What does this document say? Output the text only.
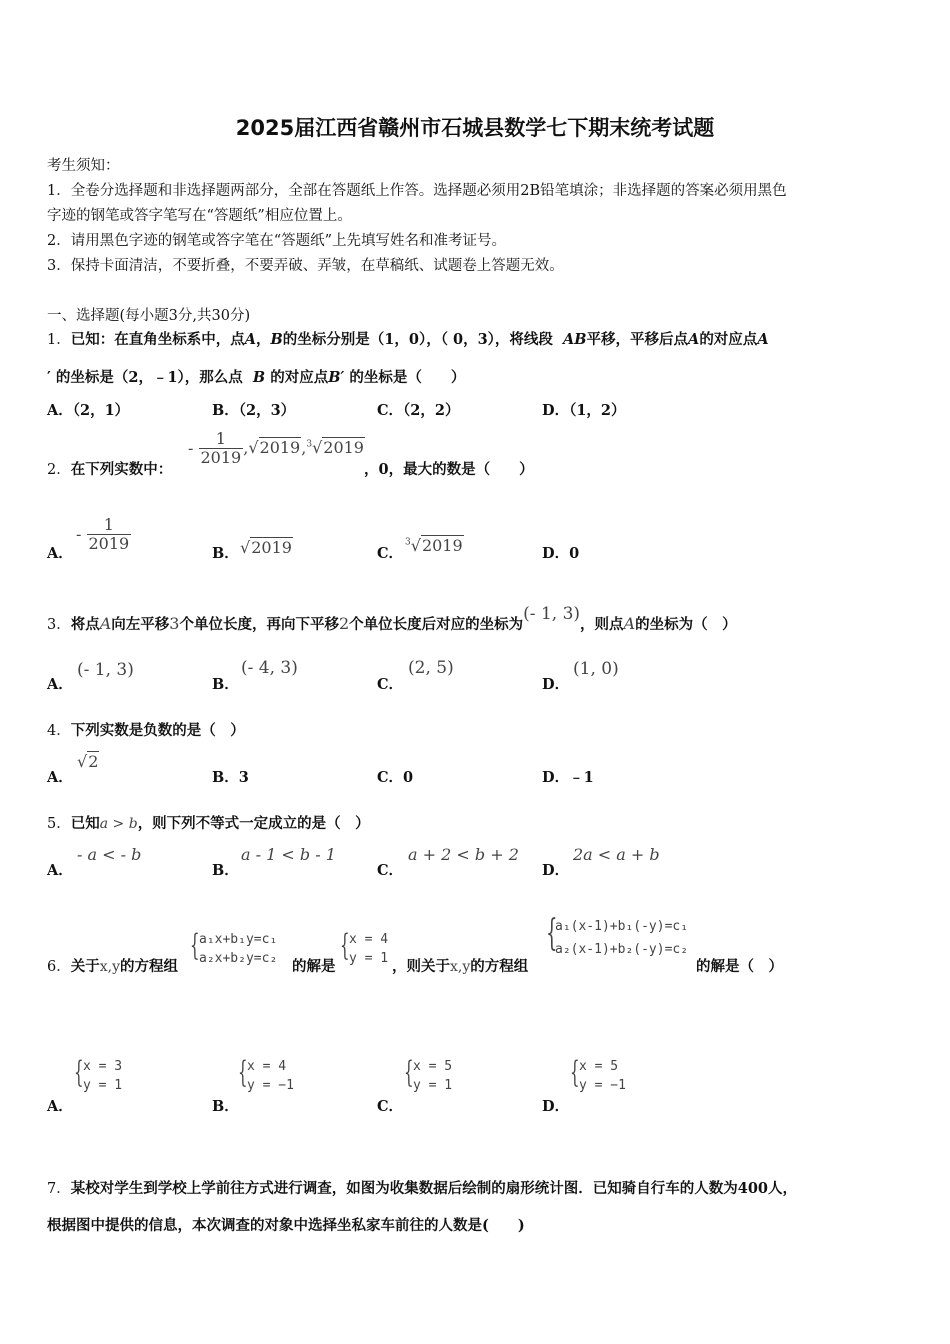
2025届江西省赣州市石城县数学七下期末统考试题
考生须知：
1．全卷分选择题和非选择题两部分，全部在答题纸上作答。选择题必须用2B铅笔填涂；非选择题的答案必须用黑色
字迹的钢笔或答字笔写在“答题纸”相应位置上。
2．请用黑色字迹的钢笔或答字笔在“答题纸”上先填写姓名和准考证号。
3．保持卡面清洁，不要折叠，不要弄破、弄皱，在草稿纸、试题卷上答题无效。
一、选择题(每小题3分,共30分)
1．已知：在直角坐标系中，点A，B的坐标分别是（1，0），（ 0，3），将线段 AB平移，平移后点A的对应点A
′ 的坐标是（2，﹣1），那么点 B 的对应点B′ 的坐标是（　　）
A．（2，1）	B．（2，3）	C．（2，2）	D．（1，2）
2．在下列实数中：
- $\frac{1}{2019} ,√2019,^3√2019$
，0，最大的数是（　　）
A．
- $\frac{1}{2019}$	B． √2019	C．
$^3$√2019	D．0
3．将点A向左平移3个单位长度，再向下平移2个单位长度后对应的坐标为(- 1, 3)，则点A的坐标为（　）
A．
(- 1, 3)
B．
(- 4, 3)
C．
(2, 5)
D．
(1, 0)
4．下列实数是负数的是（　）
A．
√2
B．3	C．0	D．﹣1
5．已知a > b，则下列不等式一定成立的是（　）
A．
- a < - b
B．
a - 1 < b - 1
C．
a + 2 < b + 2
D．
2a < a + b
6．关于x,y的方程组
{ a₁x+b₁y=c₁
a₂x+b₂y=c₂ 的解是
{ x = 4
y = 1 ，则关于x,y的方程组
{
a₁(x-1)+b₁(-y)=c₁
a₂(x-1)+b₂(-y)=c₂
的解是（　）
A．
{ x = 3
y = 1
B．
{ x = 4
y = −1
C．
{ x = 5
y = 1
D．
{ x = 5
y = −1
7．某校对学生到学校上学前往方式进行调查，如图为收集数据后绘制的扇形统计图．已知骑自行车的人数为400人，
根据图中提供的信息，本次调查的对象中选择坐私家车前往的人数是(　　)
